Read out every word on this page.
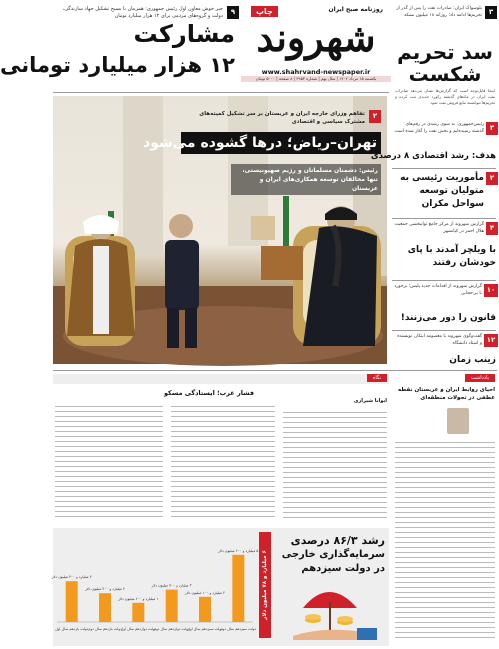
چاپ	روزنامه صبح ایران
شهروند
www.shahrvand-newspaper.ir
یکشنبه ۱۵ مرداد ۱۴۰۲ | سال نهم | شماره ۲۹۵۳ | ۸ صفحه | ۵۰۰۰ تومان
۹
خبر خوش معاون اول رئیس جمهوری: همزمان با بسیج تشکیل جهاد سازندگی، دولت و گروه‌های مردمی برای ۱۲ هزار میلیارد تومان
مشارکت
۱۲ هزار میلیارد تومانی
۳
بلوسواک ایران: صادرات نفت را پس از گذر از تحریم‌ها ادامه داد؛ روزانه ۱۸ میلیون بشکه
سد تحریم
شکست
اینجا قابل‌توجه است که گزارش‌ها نشان می‌دهد صادرات نفت ایران در ماه‌های گذشته رکورد جدیدی ثبت کرده و تحریم‌ها نتوانسته مانع فروش نفت شود
۲
تفاهم وزرای خارجه ایران و عربستان بر سر تشکیل کمیته‌های مشترک سیاسی و اقتصادی
تهران–ریاض؛ درها گشوده می‌شود
رئیس: دشمنان مسلمانان و رژیم صهیونیستی، تنها مخالفان توسعه همکاری‌های ایران و عربستان
۳
رئیس‌جمهوری: به سوی رشدی در رقم‌های گذشته رسیده‌ایم و بخش نفت را آغاز شده است
هدف: رشد اقتصادی ۸ درصدی
۲
مأموریت رئیسی به متولیان توسعه سواحل مکران
۴
گزارش شهروند از مرکز جامع توانبخشی جمعیت هلال احمر در کیانشهر
با ویلچر آمدند با پای خودشان رفتند
۱۰
گزارش شهروند از اقدامات جدید پلیس؛ برخورد با بی‌حجابی
قانون را دور می‌زنند!
۱۲
گفت‌وگوی شهروند با معصومه ابتکار، نویسنده و استاد دانشگاه
زینب زمان
نگاه
فشار غرب؛ ایستادگی مسکو
ایوانا شیرازی
یادداشت
احیای روابط ایران و عربستان نقطه عطفی در تحولات منطقه‌ای
۳ میلیارد و ۴۰۰ میلیون دلار
دولت یازدهم سال اول
۲ میلیارد و ۴۰۰ میلیون دلار
دولت یازدهم سال دوم
۱ میلیارد و ۶۰۰ میلیون دلار
دولت دوازدهم سال اول
۲ میلیارد و ۷۰۰ میلیون دلار
دولت دوازدهم سال دوم
۲ میلیارد و ۱۰۰ میلیون دلار
دولت سیزدهم سال اول
۵ میلیارد و ۶۰۰ میلیون دلار
دولت سیزدهم سال دوم
۶ میلیارد و ۷۸ میلیون دلار
رشد ۸۶/۳ درصدی
سرمایه‌گذاری خارجی
در دولت سیزدهم
